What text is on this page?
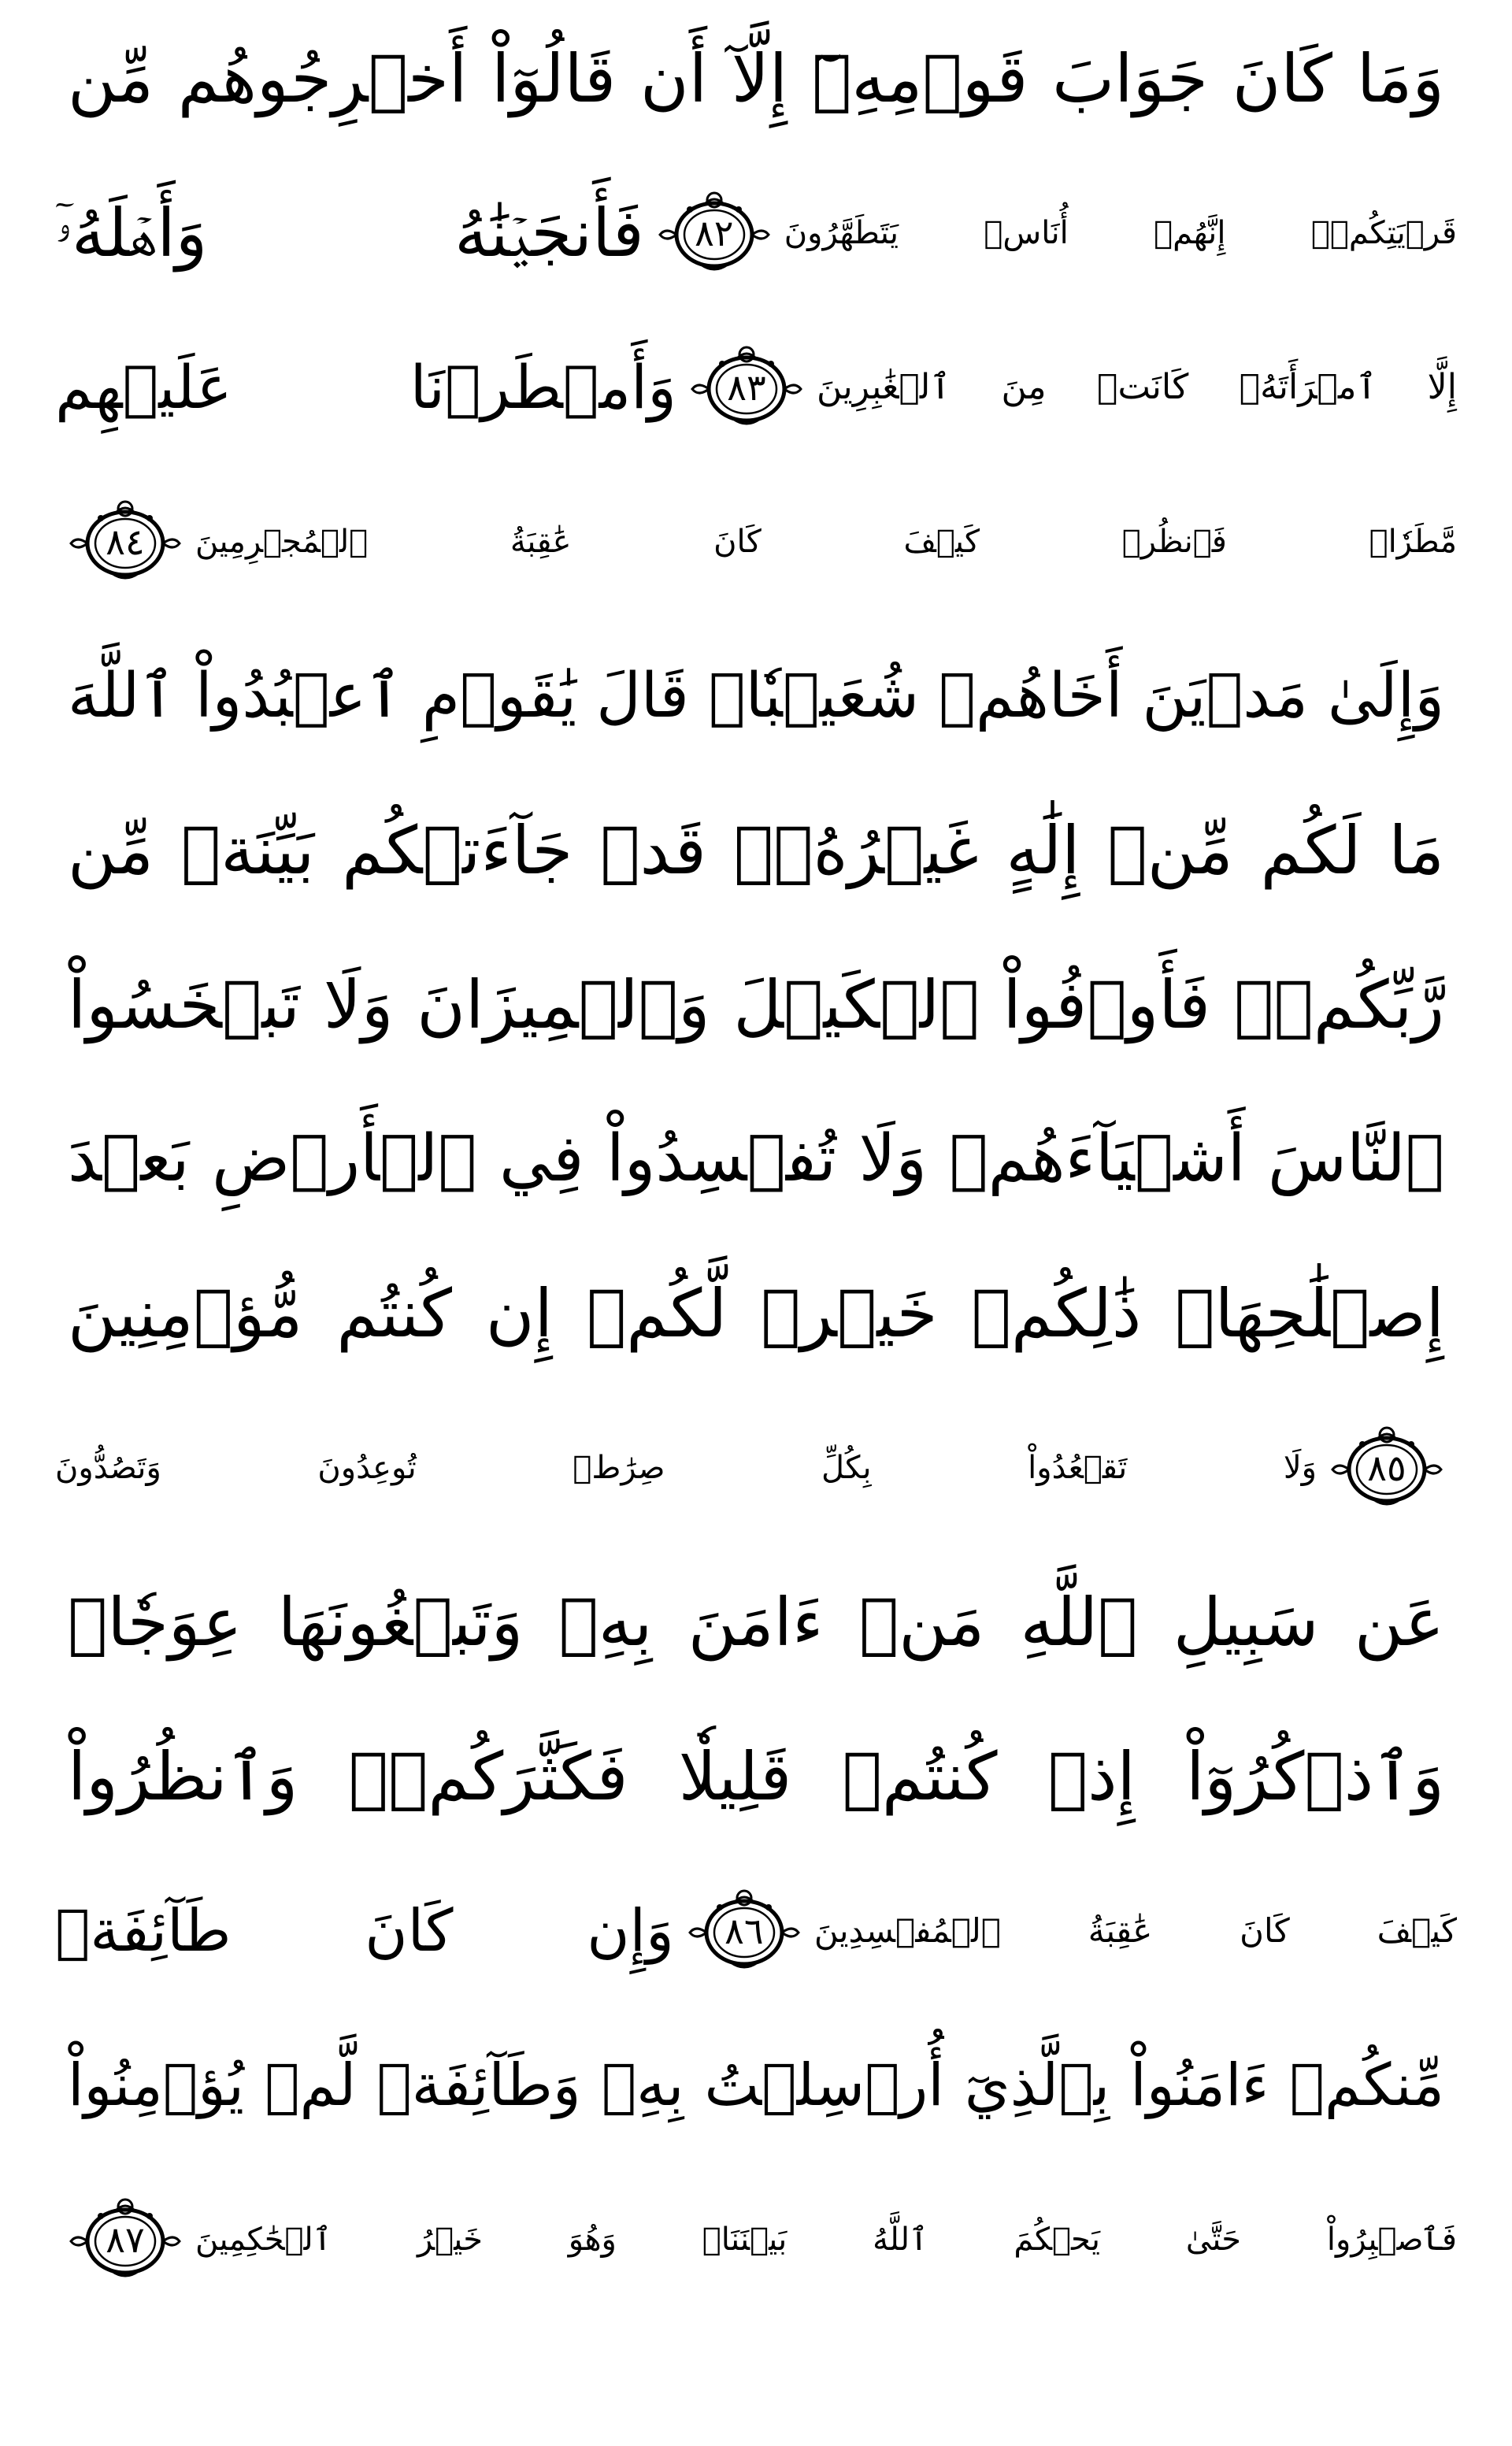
وَمَا كَانَ جَوَابَ قَوۡمِهِۦٓ إِلَّآ أَن قَالُوٓاْ أَخۡرِجُوهُم مِّن
قَرۡيَتِكُمۡۖ إِنَّهُمۡ أُنَاسٞ يَتَطَهَّرُونَ
٨٢
فَأَنجَيۡنَٰهُ وَأَهۡلَهُۥٓ
إِلَّا ٱمۡرَأَتَهُۥ كَانَتۡ مِنَ ٱلۡغَٰبِرِينَ
٨٣
وَأَمۡطَرۡنَا عَلَيۡهِم
مَّطَرٗاۖ فَٱنظُرۡ كَيۡفَ كَانَ عَٰقِبَةُ ٱلۡمُجۡرِمِينَ
٨٤
وَإِلَىٰ مَدۡيَنَ أَخَاهُمۡ شُعَيۡبٗاۗ قَالَ يَٰقَوۡمِ ٱعۡبُدُواْ ٱللَّهَ
مَا لَكُم مِّنۡ إِلَٰهٍ غَيۡرُهُۥۖ قَدۡ جَآءَتۡكُم بَيِّنَةٞ مِّن
رَّبِّكُمۡۖ فَأَوۡفُواْ ٱلۡكَيۡلَ وَٱلۡمِيزَانَ وَلَا تَبۡخَسُواْ
ٱلنَّاسَ أَشۡيَآءَهُمۡ وَلَا تُفۡسِدُواْ فِي ٱلۡأَرۡضِ بَعۡدَ
إِصۡلَٰحِهَاۚ ذَٰلِكُمۡ خَيۡرٞ لَّكُمۡ إِن كُنتُم مُّؤۡمِنِينَ
٨٥
وَلَا تَقۡعُدُواْ بِكُلِّ صِرَٰطٖ تُوعِدُونَ وَتَصُدُّونَ
عَن سَبِيلِ ٱللَّهِ مَنۡ ءَامَنَ بِهِۦ وَتَبۡغُونَهَا عِوَجٗاۚ
وَٱذۡكُرُوٓاْ إِذۡ كُنتُمۡ قَلِيلٗا فَكَثَّرَكُمۡۖ وَٱنظُرُواْ
كَيۡفَ كَانَ عَٰقِبَةُ ٱلۡمُفۡسِدِينَ
٨٦
وَإِن كَانَ طَآئِفَةٞ
مِّنكُمۡ ءَامَنُواْ بِٱلَّذِيٓ أُرۡسِلۡتُ بِهِۦ وَطَآئِفَةٞ لَّمۡ يُؤۡمِنُواْ
فَٱصۡبِرُواْ حَتَّىٰ يَحۡكُمَ ٱللَّهُ بَيۡنَنَاۚ وَهُوَ خَيۡرُ ٱلۡحَٰكِمِينَ
٨٧
